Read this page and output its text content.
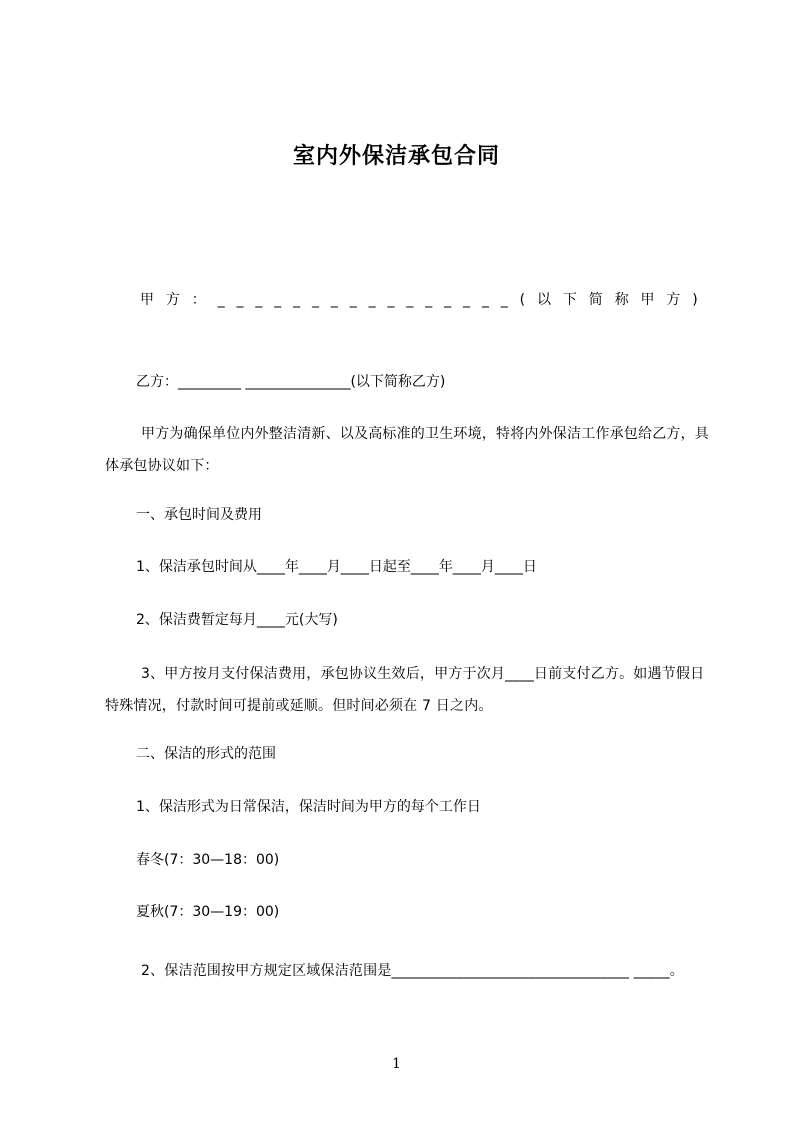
室内外保洁承包合同
甲 方 ： _ _ _ _ _ _ _ _ _ _ _ _ _ _ _ _ ( 以 下 简 称 甲 方 )
乙方：_________ _______________(以下简称乙方)
甲方为确保单位内外整洁清新、以及高标准的卫生环境，特将内外保洁工作承包给乙方，具体承包协议如下：
一、承包时间及费用
1、保洁承包时间从____年____月____日起至____年____月____日
2、保洁费暂定每月____元(大写)
3、甲方按月支付保洁费用，承包协议生效后，甲方于次月____日前支付乙方。如遇节假日特殊情况，付款时间可提前或延顺。但时间必须在 7 日之内。
二、保洁的形式的范围
1、保洁形式为日常保洁，保洁时间为甲方的每个工作日
春冬(7：30—18：00)
夏秋(7：30—19：00)
2、保洁范围按甲方规定区域保洁范围是_________________________________ _____。
1
